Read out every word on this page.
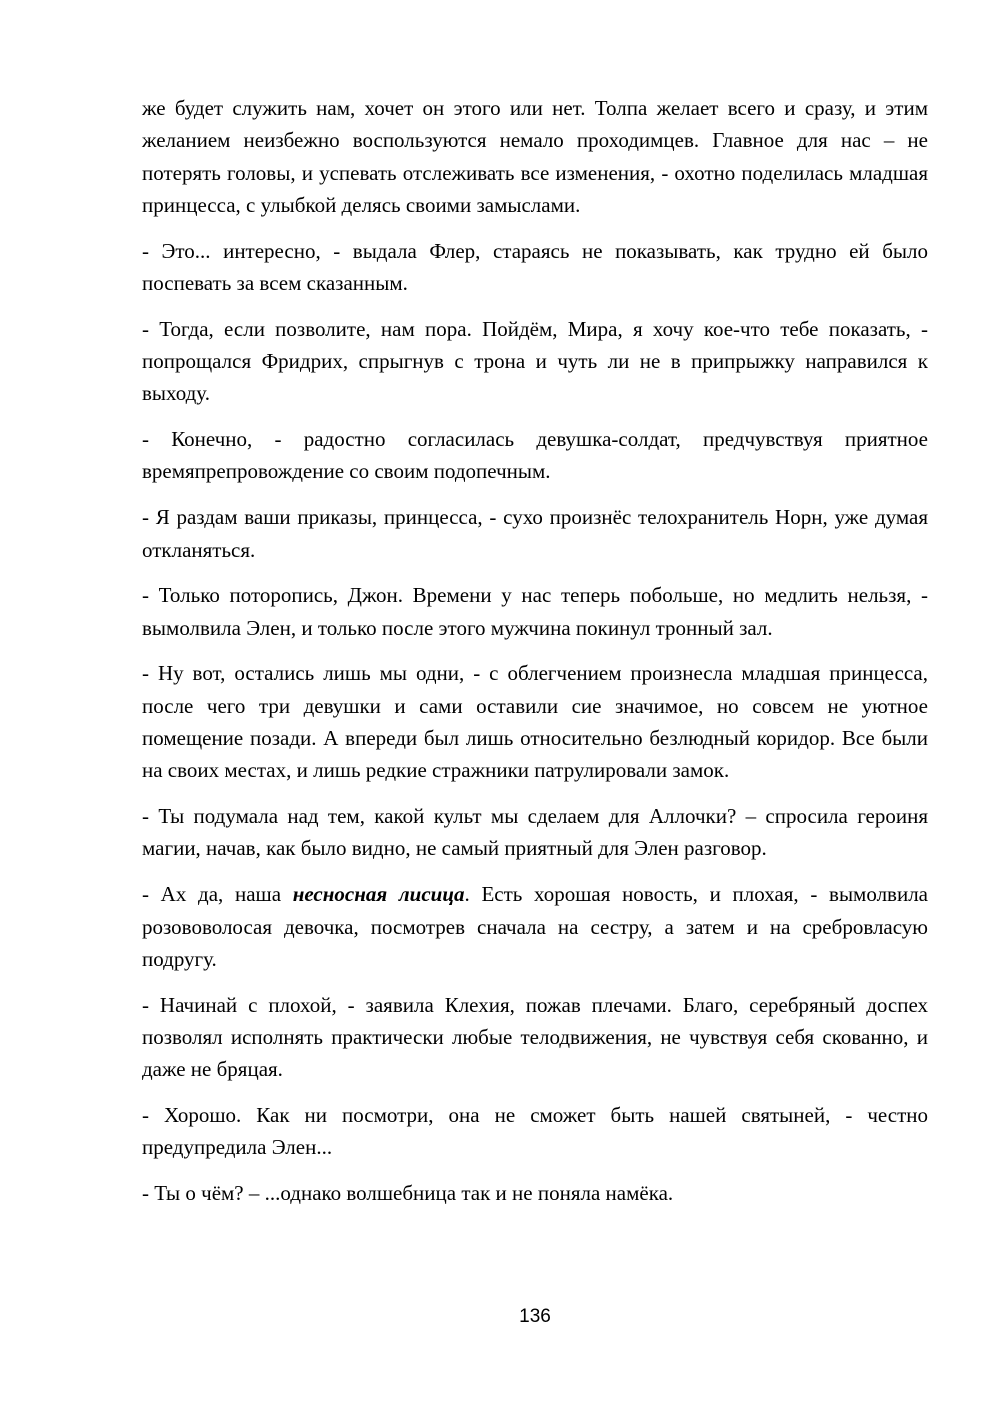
же будет служить нам, хочет он этого или нет. Толпа желает всего и сразу, и этим желанием неизбежно воспользуются немало проходимцев. Главное для нас – не потерять головы, и успевать отслеживать все изменения, - охотно поделилась младшая принцесса, с улыбкой делясь своими замыслами.

- Это... интересно, - выдала Флер, стараясь не показывать, как трудно ей было поспевать за всем сказанным.

- Тогда, если позволите, нам пора. Пойдём, Мира, я хочу кое-что тебе показать, - попрощался Фридрих, спрыгнув с трона и чуть ли не в припрыжку направился к выходу.

- Конечно, - радостно согласилась девушка-солдат, предчувствуя приятное времяпрепровождение со своим подопечным.

- Я раздам ваши приказы, принцесса, - сухо произнёс телохранитель Норн, уже думая откланяться.

- Только поторопись, Джон. Времени у нас теперь побольше, но медлить нельзя, - вымолвила Элен, и только после этого мужчина покинул тронный зал.

- Ну вот, остались лишь мы одни, - с облегчением произнесла младшая принцесса, после чего три девушки и сами оставили сие значимое, но совсем не уютное помещение позади. А впереди был лишь относительно безлюдный коридор. Все были на своих местах, и лишь редкие стражники патрулировали замок.

- Ты подумала над тем, какой культ мы сделаем для Аллочки? – спросила героиня магии, начав, как было видно, не самый приятный для Элен разговор.

- Ах да, наша несносная лисица. Есть хорошая новость, и плохая, - вымолвила розововолосая девочка, посмотрев сначала на сестру, а затем и на сребровласую подругу.

- Начинай с плохой, - заявила Клехия, пожав плечами. Благо, серебряный доспех позволял исполнять практически любые телодвижения, не чувствуя себя скованно, и даже не бряцая.

- Хорошо. Как ни посмотри, она не сможет быть нашей святыней, - честно предупредила Элен...

- Ты о чём? – ...однако волшебница так и не поняла намёка.

136
